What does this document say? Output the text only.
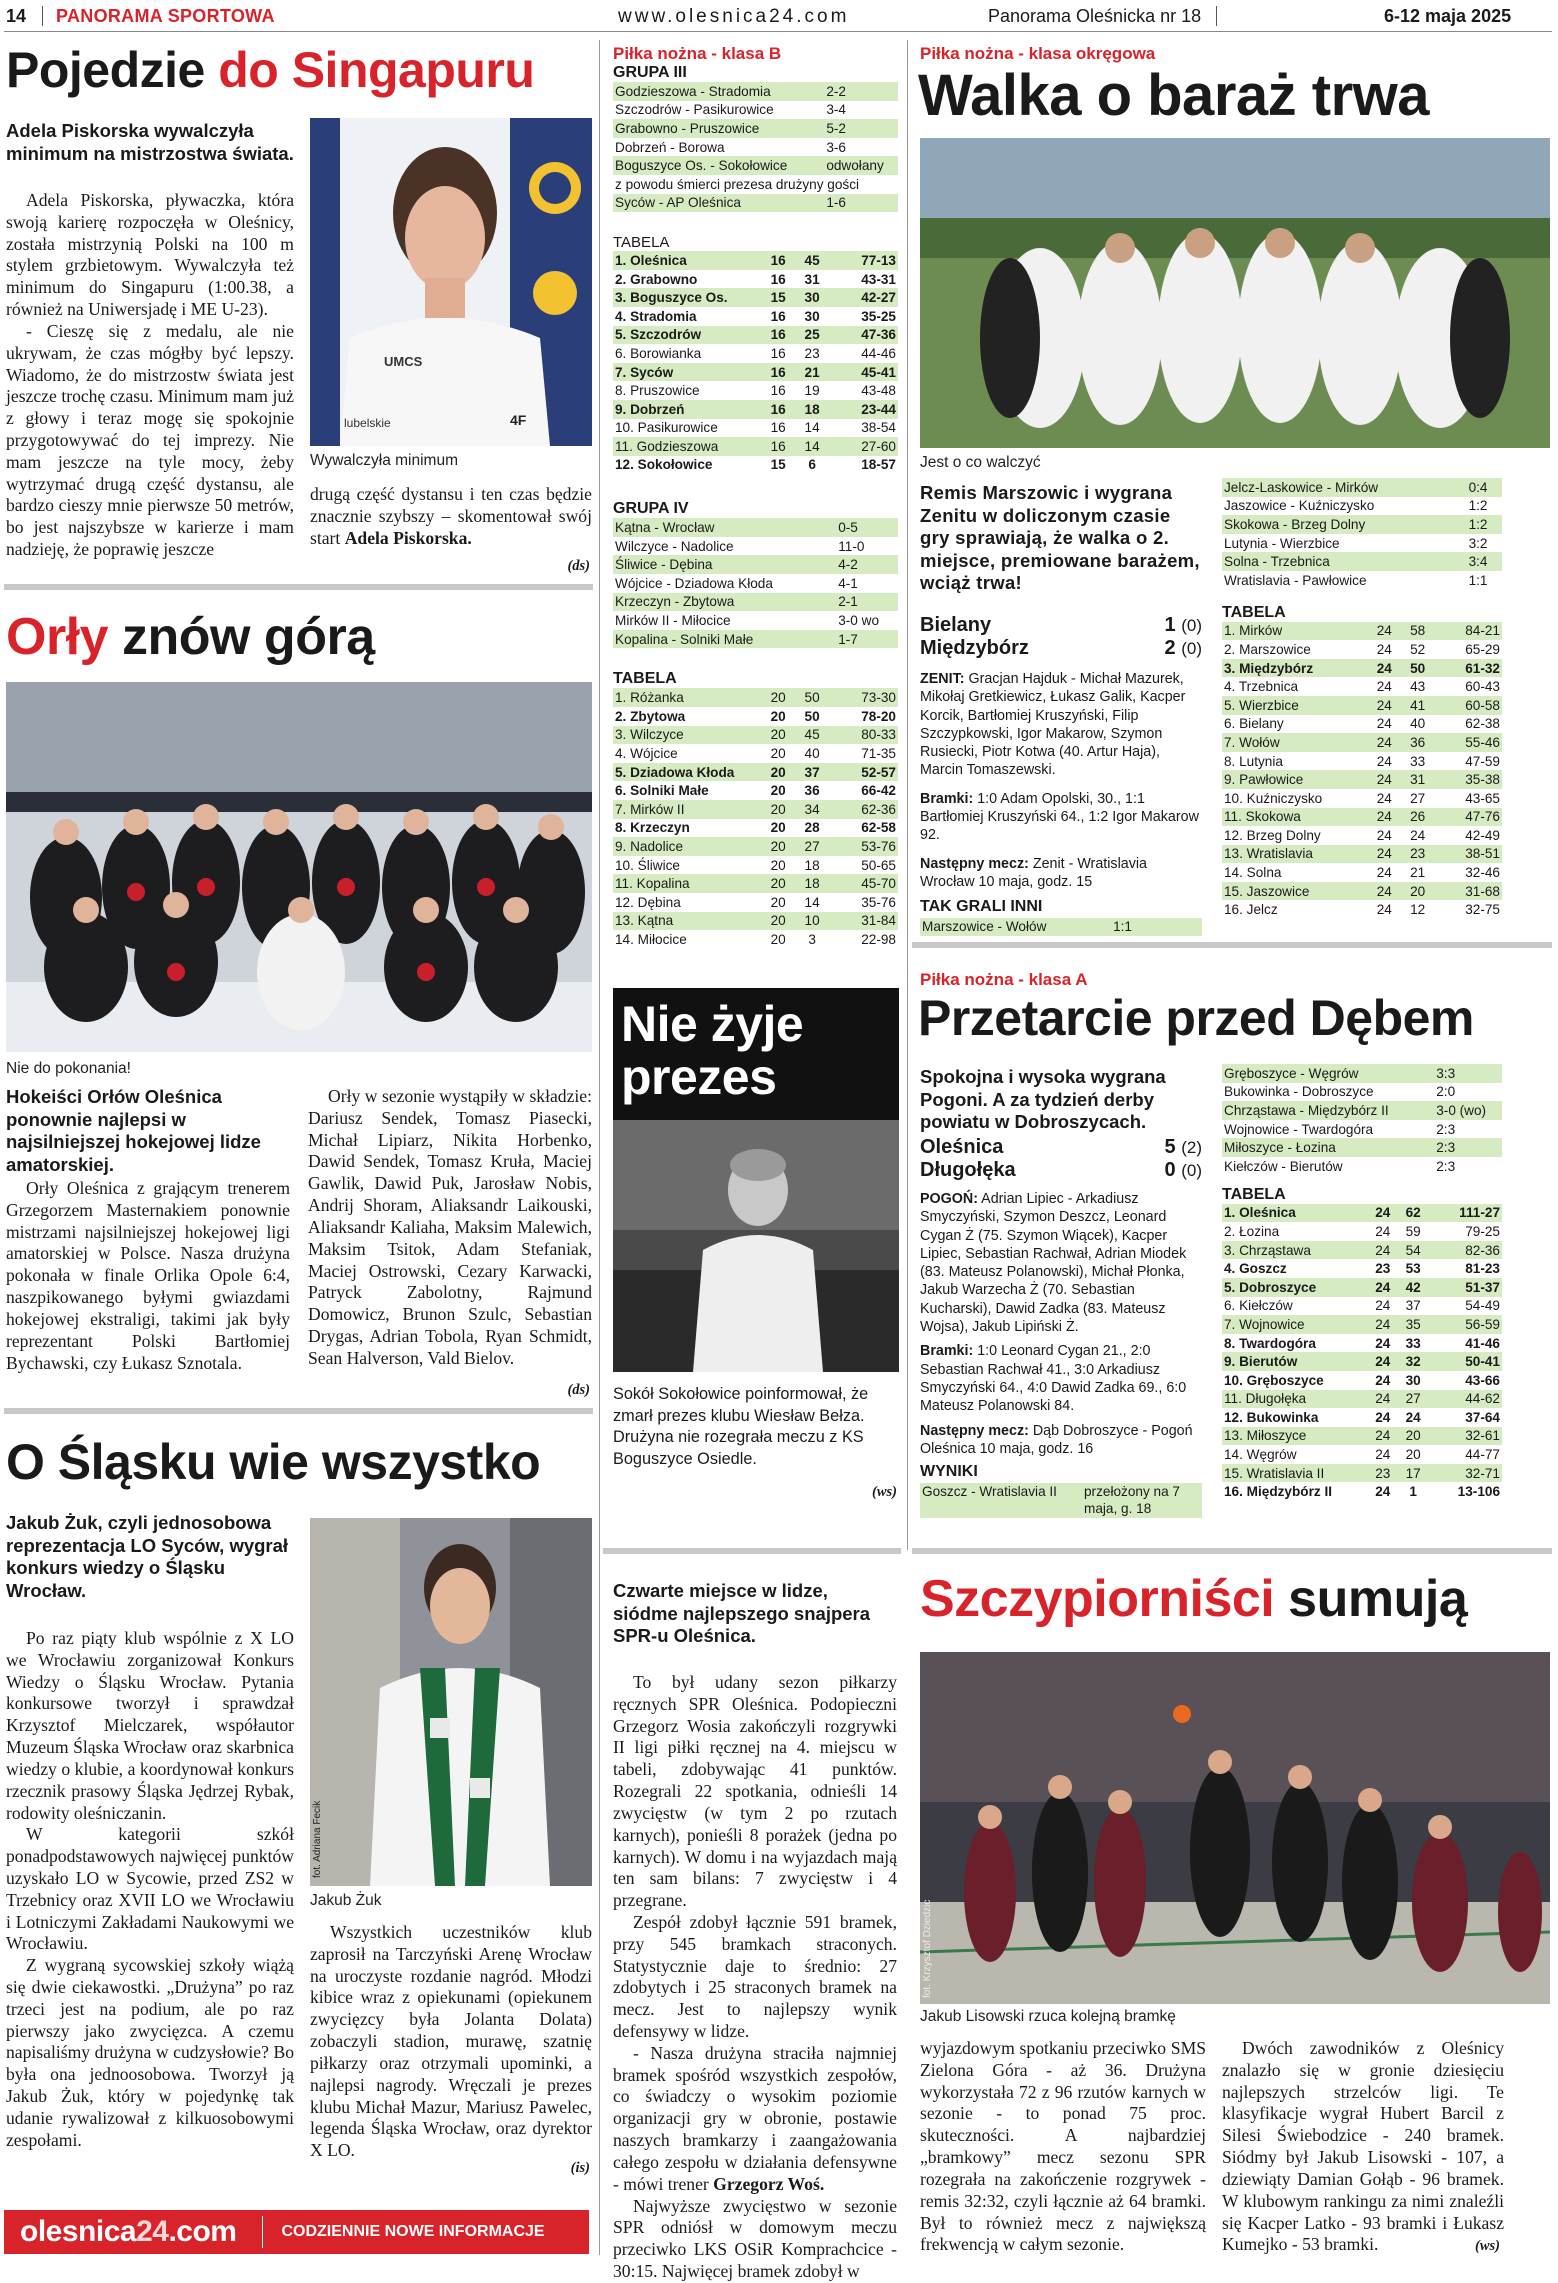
14 PANORAMA SPORTOWA	www.olesnica24.com	Panorama Oleśnicka nr 18	6-12 maja 2025
Pojedzie do Singapuru
Adela Piskorska wywalczyła minimum na mistrzostwa świata.

Adela Piskorska, pływaczka, która swoją karierę rozpoczęła w Oleśnicy, została mistrzynią Polski na 100 m stylem grzbietowym. Wywalczyła też minimum do Singapuru (1:00.38, a również na Uniwersjadę i ME U-23).

- Cieszę się z medalu, ale nie ukrywam, że czas mógłby być lepszy. Wiadomo, że do mistrzostw świata jest jeszcze trochę czasu. Minimum mam już z głowy i teraz mogę się spokojnie przygotowywać do tej imprezy. Nie mam jeszcze na tyle mocy, żeby wytrzymać drugą część dystansu, ale bardzo cieszy mnie pierwsze 50 metrów, bo jest najszybsze w karierze i mam nadzieję, że poprawię jeszcze

UMCS
lubelskie	4F
Wywalczyła minimum

drugą część dystansu i ten czas będzie znacznie szybszy – skomentował swój start Adela Piskorska.

(ds)
Orły znów górą
Nie do pokonania!
Hokeiści Orłów Oleśnica ponownie najlepsi w najsilniejszej hokejowej lidze amatorskiej.

Orły Oleśnica z grającym trenerem Grzegorzem Masternakiem ponownie mistrzami najsilniejszej hokejowej ligi amatorskiej w Polsce. Nasza drużyna pokonała w finale Orlika Opole 6:4, naszpikowanego byłymi gwiazdami hokejowej ekstraligi, takimi jak były reprezentant Polski Bartłomiej Bychawski, czy Łukasz Sznotala.

Orły w sezonie wystąpiły w składzie: Dariusz Sendek, Tomasz Piasecki, Michał Lipiarz, Nikita Horbenko, Dawid Sendek, Tomasz Kruła, Maciej Gawlik, Dawid Puk, Jarosław Nobis, Andrij Shoram, Aliaksandr Laikouski, Aliaksandr Kaliaha, Maksim Malewich, Maksim Tsitok, Adam Stefaniak, Maciej Ostrowski, Cezary Karwacki, Patryck Zabolotny, Rajmund Domowicz, Brunon Szulc, Sebastian Drygas, Adrian Tobola, Ryan Schmidt, Sean Halverson, Vald Bielov.

(ds)
O Śląsku wie wszystko
Jakub Żuk, czyli jednosobowa reprezentacja LO Syców, wygrał konkurs wiedzy o Śląsku Wrocław.

Po raz piąty klub wspólnie z X LO we Wrocławiu zorganizował Konkurs Wiedzy o Śląsku Wrocław. Pytania konkursowe tworzył i sprawdzał Krzysztof Mielczarek, współautor Muzeum Śląska Wrocław oraz skarbnica wiedzy o klubie, a koordynował konkurs rzecznik prasowy Śląska Jędrzej Rybak, rodowity oleśniczanin.

W kategorii szkół ponadpodstawowych najwięcej punktów uzyskało LO w Sycowie, przed ZS2 w Trzebnicy oraz XVII LO we Wrocławiu i Lotniczymi Zakładami Naukowymi we Wrocławiu.

Z wygraną sycowskiej szkoły wiążą się dwie ciekawostki. „Drużyna” po raz trzeci jest na podium, ale po raz pierwszy jako zwycięzca. A czemu napisaliśmy drużyna w cudzysłowie? Bo była ona jednoosobowa. Tworzył ją Jakub Żuk, który w pojedynkę tak udanie rywalizował z kilkuosobowymi zespołami.

fot. Adriana Fecik
Jakub Żuk

Wszystkich uczestników klub zaprosił na Tarczyński Arenę Wrocław na uroczyste rozdanie nagród. Młodzi kibice wraz z opiekunami (opiekunem zwycięzcy była Jolanta Dolata) zobaczyli stadion, murawę, szatnię piłkarzy oraz otrzymali upominki, a najlepsi nagrody. Wręczali je prezes klubu Michał Mazur, Mariusz Pawelec, legenda Śląska Wrocław, oraz dyrektor X LO.

(is)
olesnica24.com	CODZIENNIE NOWE INFORMACJE
Piłka nożna - klasa B
GRUPA III
Godzieszowa - Stradomia	2-2
Szczodrów - Pasikurowice	3-4
Grabowno - Pruszowice	5-2
Dobrzeń - Borowa	3-6
Boguszyce Os. - Sokołowice	odwołany
z powodu śmierci prezesa drużyny gości	
Syców - AP Oleśnica	1-6
TABELA
1. Oleśnica	16	45	77-13
2. Grabowno	16	31	43-31
3. Boguszyce Os.	15	30	42-27
4. Stradomia	16	30	35-25
5. Szczodrów	16	25	47-36
6. Borowianka	16	23	44-46
7. Syców	16	21	45-41
8. Pruszowice	16	19	43-48
9. Dobrzeń	16	18	23-44
10. Pasikurowice	16	14	38-54
11. Godzieszowa	16	14	27-60
12. Sokołowice	15	6	18-57
GRUPA IV
Kątna - Wrocław	0-5
Wilczyce - Nadolice	11-0
Śliwice - Dębina	4-2
Wójcice - Dziadowa Kłoda	4-1
Krzeczyn - Zbytowa	2-1
Mirków II - Miłocice	3-0 wo
Kopalina - Solniki Małe	1-7
TABELA
1. Różanka	20	50	73-30
2. Zbytowa	20	50	78-20
3. Wilczyce	20	45	80-33
4. Wójcice	20	40	71-35
5. Dziadowa Kłoda	20	37	52-57
6. Solniki Małe	20	36	66-42
7. Mirków II	20	34	62-36
8. Krzeczyn	20	28	62-58
9. Nadolice	20	27	53-76
10. Śliwice	20	18	50-65
11. Kopalina	20	18	45-70
12. Dębina	20	14	35-76
13. Kątna	20	10	31-84
14. Miłocice	20	3	22-98
Nie żyje prezes
Sokół Sokołowice poinformował, że zmarł prezes klubu Wiesław Bełza. Drużyna nie rozegrała meczu z KS Boguszyce Osiedle.
(ws)
Czwarte miejsce w lidze, siódme najlepszego snajpera SPR-u Oleśnica.

To był udany sezon piłkarzy ręcznych SPR Oleśnica. Podopieczni Grzegorz Wosia zakończyli rozgrywki II ligi piłki ręcznej na 4. miejscu w tabeli, zdobywając 41 punktów. Rozegrali 22 spotkania, odnieśli 14 zwycięstw (w tym 2 po rzutach karnych), ponieśli 8 porażek (jedna po karnych). W domu i na wyjazdach mają ten sam bilans: 7 zwycięstw i 4 przegrane.

Zespół zdobył łącznie 591 bramek, przy 545 bramkach straconych. Statystycznie daje to średnio: 27 zdobytych i 25 straconych bramek na mecz. Jest to najlepszy wynik defensywy w lidze.

- Nasza drużyna straciła najmniej bramek spośród wszystkich zespołów, co świadczy o wysokim poziomie organizacji gry w obronie, postawie naszych bramkarzy i zaangażowania całego zespołu w działania defensywne - mówi trener Grzegorz Woś.

Najwyższe zwycięstwo w sezonie SPR odniósł w domowym meczu przeciwko LKS OSiR Komprachcice - 30:15. Najwięcej bramek zdobył w

Piłka nożna - klasa okręgowa
Walka o baraż trwa
Jest o co walczyć
Remis Marszowic i wygrana Zenitu w doliczonym czasie gry sprawiają, że walka o 2. miejsce, premiowane barażem, wciąż trwa!
Bielany	1 (0)
Międzybórz	2 (0)
ZENIT: Gracjan Hajduk - Michał Mazurek, Mikołaj Gretkiewicz, Łukasz Galik, Kacper Korcik, Bartłomiej Kruszyński, Filip Szczypkowski, Igor Makarow, Szymon Rusiecki, Piotr Kotwa (40. Artur Haja), Marcin Tomaszewski.
Bramki: 1:0 Adam Opolski, 30., 1:1 Bartłomiej Kruszyński 64., 1:2 Igor Makarow 92.
Następny mecz: Zenit - Wratislavia Wrocław 10 maja, godz. 15
TAK GRALI INNI
Marszowice - Wołów	1:1
Jelcz-Laskowice - Mirków	0:4
Jaszowice - Kuźniczysko	1:2
Skokowa - Brzeg Dolny	1:2
Lutynia - Wierzbice	3:2
Solna - Trzebnica	3:4
Wratislavia - Pawłowice	1:1
TABELA
1. Mirków	24	58	84-21
2. Marszowice	24	52	65-29
3. Międzybórz	24	50	61-32
4. Trzebnica	24	43	60-43
5. Wierzbice	24	41	60-58
6. Bielany	24	40	62-38
7. Wołów	24	36	55-46
8. Lutynia	24	33	47-59
9. Pawłowice	24	31	35-38
10. Kuźniczysko	24	27	43-65
11. Skokowa	24	26	47-76
12. Brzeg Dolny	24	24	42-49
13. Wratislavia	24	23	38-51
14. Solna	24	21	32-46
15. Jaszowice	24	20	31-68
16. Jelcz	24	12	32-75
Piłka nożna - klasa A
Przetarcie przed Dębem
Spokojna i wysoka wygrana Pogoni. A za tydzień derby powiatu w Dobroszycach.
Oleśnica	5 (2)
Długołęka	0 (0)
POGOŃ: Adrian Lipiec - Arkadiusz Smyczyński, Szymon Deszcz, Leonard Cygan Ż (75. Szymon Wiącek), Kacper Lipiec, Sebastian Rachwał, Adrian Miodek (83. Mateusz Polanowski), Michał Płonka, Jakub Warzecha Ż (70. Sebastian Kucharski), Dawid Zadka (83. Mateusz Wojsa), Jakub Lipiński Ż.
Bramki: 1:0 Leonard Cygan 21., 2:0 Sebastian Rachwał 41., 3:0 Arkadiusz Smyczyński 64., 4:0 Dawid Zadka 69., 6:0 Mateusz Polanowski 84.
Następny mecz: Dąb Dobroszyce - Pogoń Oleśnica 10 maja, godz. 16
WYNIKI
Goszcz - Wratislavia II	przełożony na 7 maja, g. 18
Gręboszyce - Węgrów	3:3
Bukowinka - Dobroszyce	2:0
Chrząstawa - Międzybórz II	3-0 (wo)
Wojnowice - Twardogóra	2:3
Miłoszyce - Łozina	2:3
Kiełczów - Bierutów	2:3
TABELA
1. Oleśnica	24	62	111-27
2. Łozina	24	59	79-25
3. Chrząstawa	24	54	82-36
4. Goszcz	23	53	81-23
5. Dobroszyce	24	42	51-37
6. Kiełczów	24	37	54-49
7. Wojnowice	24	35	56-59
8. Twardogóra	24	33	41-46
9. Bierutów	24	32	50-41
10. Gręboszyce	24	30	43-66
11. Długołęka	24	27	44-62
12. Bukowinka	24	24	37-64
13. Miłoszyce	24	20	32-61
14. Węgrów	24	20	44-77
15. Wratislavia II	23	17	32-71
16. Międzybórz II	24	1	13-106
Szczypiorniści sumują
fot. Krzysztof Dziedzic
Jakub Lisowski rzuca kolejną bramkę

wyjazdowym spotkaniu przeciwko SMS Zielona Góra - aż 36. Drużyna wykorzystała 72 z 96 rzutów karnych w sezonie - to ponad 75 proc. skuteczności. A najbardziej „bramkowy” mecz sezonu SPR rozegrała na zakończenie rozgrywek - remis 32:32, czyli łącznie aż 64 bramki. Był to również mecz z największą frekwencją w całym sezonie.

Dwóch zawodników z Oleśnicy znalazło się w gronie dziesięciu najlepszych strzelców ligi. Te klasyfikacje wygrał Hubert Barcil z Silesi Świebodzice - 240 bramek. Siódmy był Jakub Lisowski - 107, a dziewiąty Damian Gołąb - 96 bramek. W klubowym rankingu za nimi znaleźli się Kacper Latko - 93 bramki i Łukasz Kumejko - 53 bramki.	(ws)
